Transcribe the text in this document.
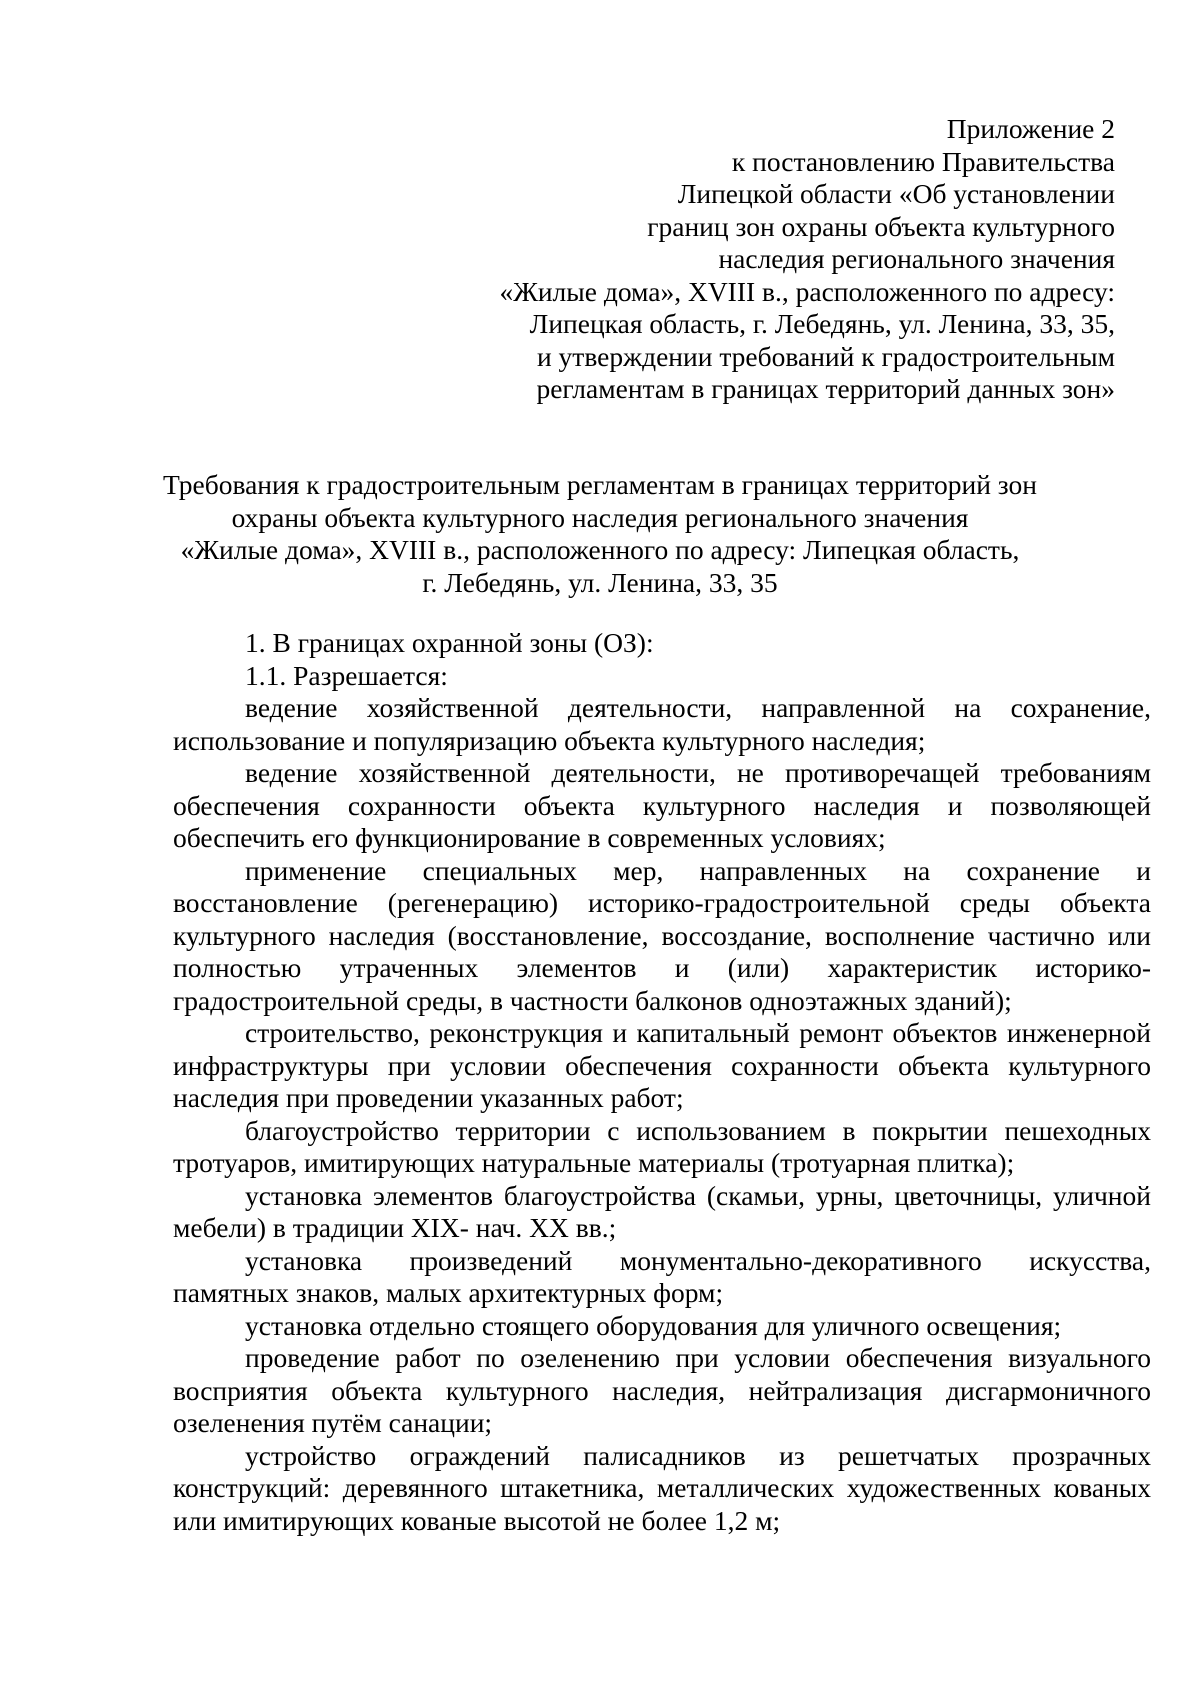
Приложение 2
к постановлению Правительства
Липецкой области «Об установлении
границ зон охраны объекта культурного
наследия регионального значения
«Жилые дома», XVIII в., расположенного по адресу:
Липецкая область, г. Лебедянь, ул. Ленина, 33, 35,
и утверждении требований к градостроительным
регламентам в границах территорий данных зон»
Требования к градостроительным регламентам в границах территорий зон
охраны объекта культурного наследия регионального значения
«Жилые дома», XVIII в., расположенного по адресу: Липецкая область,
г. Лебедянь, ул. Ленина, 33, 35
1. В границах охранной зоны (ОЗ):
1.1. Разрешается:

ведение хозяйственной деятельности, направленной на сохранение, использование и популяризацию объекта культурного наследия;

ведение хозяйственной деятельности, не противоречащей требованиям обеспечения сохранности объекта культурного наследия и позволяющей обеспечить его функционирование в современных условиях;

применение специальных мер, направленных на сохранение и восстановление (регенерацию) историко-градостроительной среды объекта культурного наследия (восстановление, воссоздание, восполнение частично или полностью утраченных элементов и (или) характеристик историко-градостроительной среды, в частности балконов одноэтажных зданий);

строительство, реконструкция и капитальный ремонт объектов инженерной инфраструктуры при условии обеспечения сохранности объекта культурного наследия при проведении указанных работ;

благоустройство территории с использованием в покрытии пешеходных тротуаров, имитирующих натуральные материалы (тротуарная плитка);

установка элементов благоустройства (скамьи, урны, цветочницы, уличной мебели) в традиции XIX- нач. XX вв.;

установка произведений монументально-декоративного искусства, памятных знаков, малых архитектурных форм;

установка отдельно стоящего оборудования для уличного освещения;

проведение работ по озеленению при условии обеспечения визуального восприятия объекта культурного наследия, нейтрализация дисгармоничного озеленения путём санации;

устройство ограждений палисадников из решетчатых прозрачных конструкций: деревянного штакетника, металлических художественных кованых или имитирующих кованые высотой не более 1,2 м;
